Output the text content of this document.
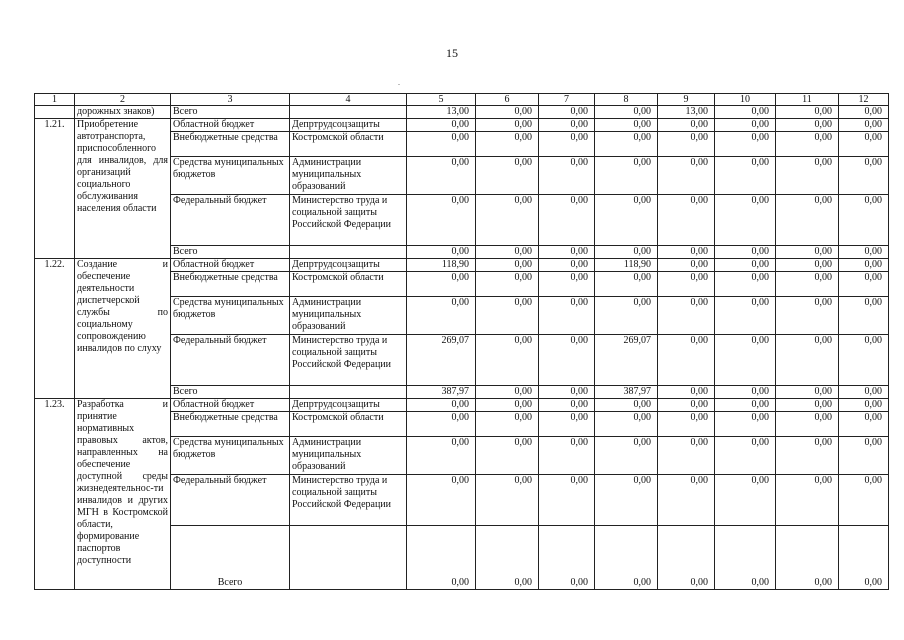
15
.
1	2	3	4	5	6	7	8	9	10	11	12
	дорожных знаков)	Всего		13,00	0,00	0,00	0,00	13,00	0,00	0,00	0,00
1.21.	Приобретение автотранспорта, приспособленного для инвалидов, для организаций социального обслуживания населения области	Областной бюджет	Депртрудсоцзащиты	0,00	0,00	0,00	0,00	0,00	0,00	0,00	0,00
		Внебюджетные средства	Костромской области	0,00	0,00	0,00	0,00	0,00	0,00	0,00	0,00
		Средства муниципальных бюджетов	Администрации муниципальных образований	0,00	0,00	0,00	0,00	0,00	0,00	0,00	0,00
		Федеральный бюджет	Министерство труда и социальной защиты Российской Федерации	0,00	0,00	0,00	0,00	0,00	0,00	0,00	0,00
		Всего		0,00	0,00	0,00	0,00	0,00	0,00	0,00	0,00
1.22.	Создание и обеспечение деятельности диспетчерской службы по социальному сопровождению инвалидов по слуху	Областной бюджет	Депртрудсоцзащиты	118,90	0,00	0,00	118,90	0,00	0,00	0,00	0,00
		Внебюджетные средства	Костромской области	0,00	0,00	0,00	0,00	0,00	0,00	0,00	0,00
		Средства муниципальных бюджетов	Администрации муниципальных образований	0,00	0,00	0,00	0,00	0,00	0,00	0,00	0,00
		Федеральный бюджет	Министерство труда и социальной защиты Российской Федерации	269,07	0,00	0,00	269,07	0,00	0,00	0,00	0,00
		Всего		387,97	0,00	0,00	387,97	0,00	0,00	0,00	0,00
1.23.	Разработка и принятие нормативных правовых актов, направленных на обеспечение доступной среды жизнедеятельнос-ти инвалидов и других МГН в Костромской области, формирование паспортов доступности	Областной бюджет	Депртрудсоцзащиты	0,00	0,00	0,00	0,00	0,00	0,00	0,00	0,00
		Внебюджетные средства	Костромской области	0,00	0,00	0,00	0,00	0,00	0,00	0,00	0,00
		Средства муниципальных бюджетов	Администрации муниципальных образований	0,00	0,00	0,00	0,00	0,00	0,00	0,00	0,00
		Федеральный бюджет	Министерство труда и социальной защиты Российской Федерации	0,00	0,00	0,00	0,00	0,00	0,00	0,00	0,00
		Всего		0,00	0,00	0,00	0,00	0,00	0,00	0,00	0,00
